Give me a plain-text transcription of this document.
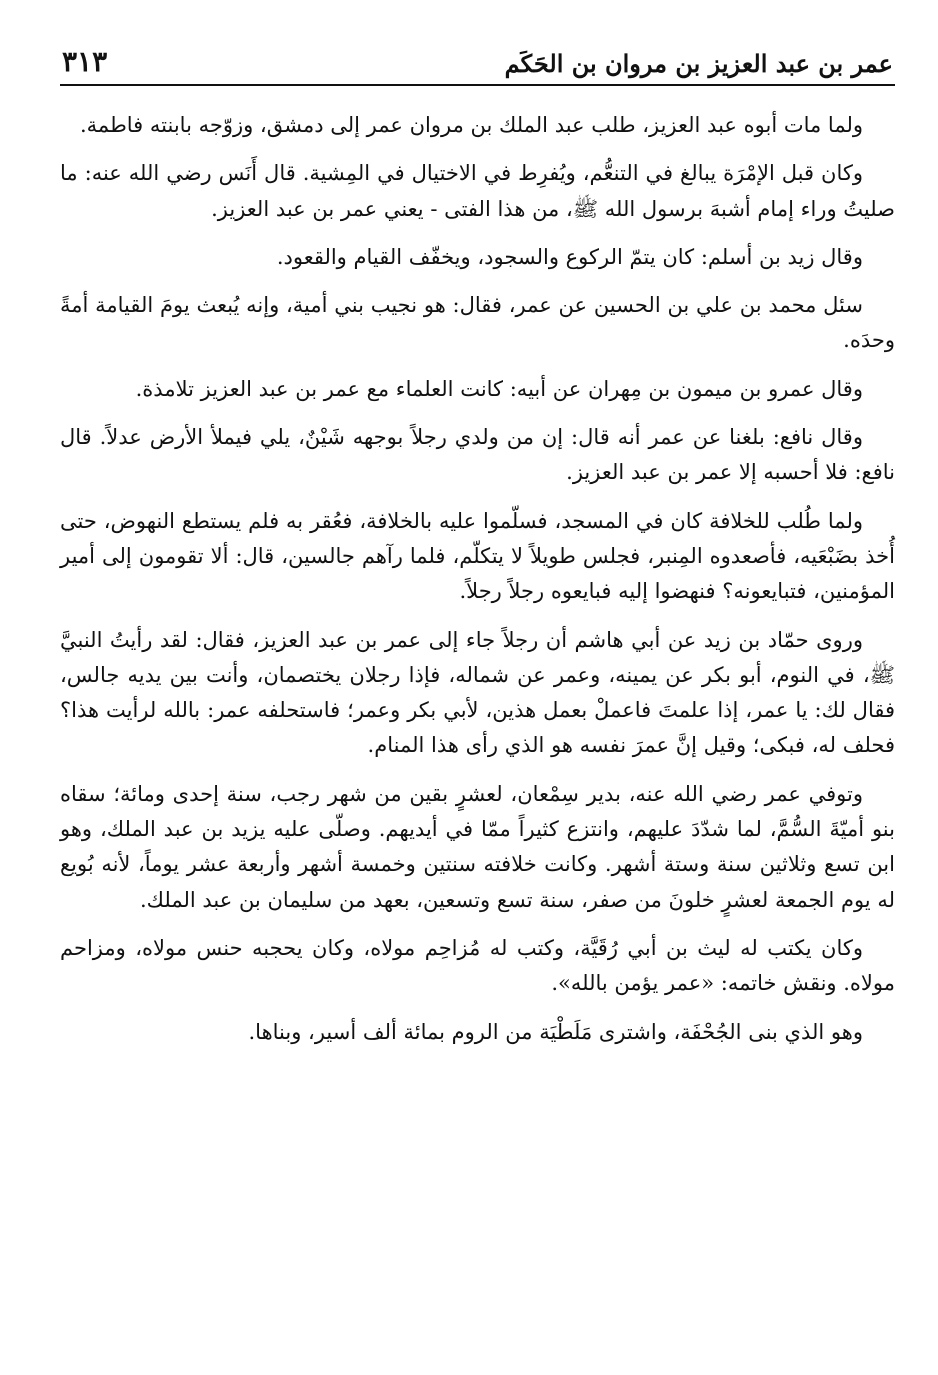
عمر بن عبد العزيز بن مروان بن الحَكَم
٣١٣

ولما مات أبوه عبد العزيز، طلب عبد الملك بن مروان عمر إلى دمشق، وزوّجه بابنته فاطمة.

وكان قبل الإمْرَة يبالغ في التنعُّم، ويُفرِط في الاختيال في المِشية. قال أَنَس رضي الله عنه: ما صليتُ وراء إمام أشبهَ برسول الله ﷺ، من هذا الفتى - يعني عمر بن عبد العزيز.

وقال زيد بن أسلم: كان يتمّ الركوع والسجود، ويخفّف القيام والقعود.

سئل محمد بن علي بن الحسين عن عمر، فقال: هو نجيب بني أمية، وإنه يُبعث يومَ القيامة أمةً وحدَه.

وقال عمرو بن ميمون بن مِهران عن أبيه: كانت العلماء مع عمر بن عبد العزيز تلامذة.

وقال نافع: بلغنا عن عمر أنه قال: إن من ولدي رجلاً بوجهه شَيْنٌ، يلي فيملأ الأرض عدلاً. قال نافع: فلا أحسبه إلا عمر بن عبد العزيز.

ولما طُلب للخلافة كان في المسجد، فسلّموا عليه بالخلافة، فعُقر به فلم يستطع النهوض، حتى أُخذ بضَبْعَيه، فأصعدوه المِنبر، فجلس طويلاً لا يتكلّم، فلما رآهم جالسين، قال: ألا تقومون إلى أمير المؤمنين، فتبايعونه؟ فنهضوا إليه فبايعوه رجلاً رجلاً.

وروى حمّاد بن زيد عن أبي هاشم أن رجلاً جاء إلى عمر بن عبد العزيز، فقال: لقد رأيتُ النبيَّ ﷺ، في النوم، أبو بكر عن يمينه، وعمر عن شماله، فإذا رجلان يختصمان، وأنت بين يديه جالس، فقال لك: يا عمر، إذا علمتَ فاعملْ بعمل هذين، لأبي بكر وعمر؛ فاستحلفه عمر: بالله لرأيت هذا؟ فحلف له، فبكى؛ وقيل إنَّ عمرَ نفسه هو الذي رأى هذا المنام.

وتوفي عمر رضي الله عنه، بدير سِمْعان، لعشرٍ بقين من شهر رجب، سنة إحدى ومائة؛ سقاه بنو أميّةَ السُّمَّ، لما شدّدَ عليهم، وانتزع كثيراً ممّا في أيديهم. وصلّى عليه يزيد بن عبد الملك، وهو ابن تسع وثلاثين سنة وستة أشهر. وكانت خلافته سنتين وخمسة أشهر وأربعة عشر يوماً، لأنه بُويع له يوم الجمعة لعشرٍ خلونَ من صفر، سنة تسع وتسعين، بعهد من سليمان بن عبد الملك.

وكان يكتب له ليث بن أبي رُقَيَّة، وكتب له مُزاحِم مولاه، وكان يحجبه حنس مولاه، ومزاحم مولاه. ونقش خاتمه: «عمر يؤمن بالله».

وهو الذي بنى الجُحْفَة، واشترى مَلَطْيَة من الروم بمائة ألف أسير، وبناها.
